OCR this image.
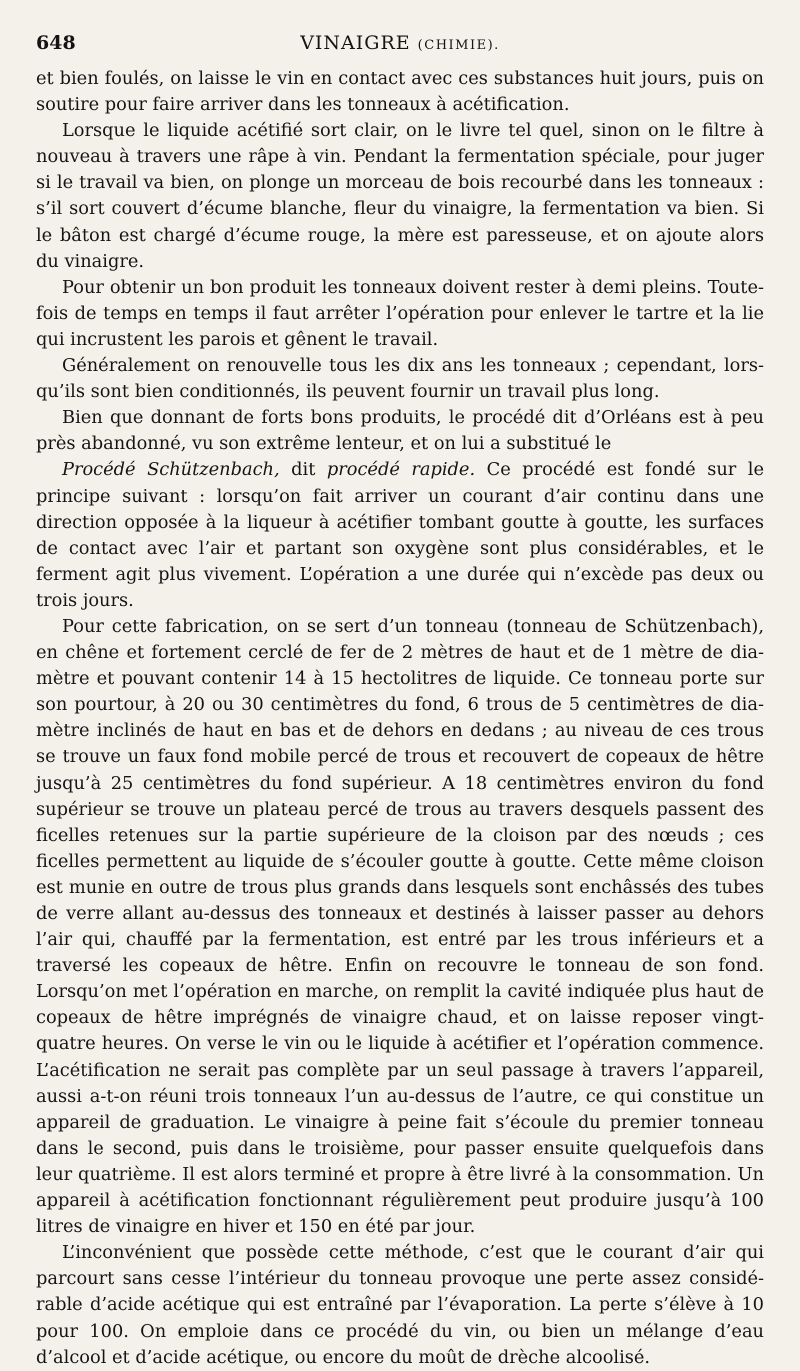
648	VINAIGRE (CHIMIE).

et bien foulés, on laisse le vin en contact avec ces substances huit jours, puis on soutire pour faire arriver dans les tonneaux à acétification.

Lorsque le liquide acétifié sort clair, on le livre tel quel, sinon on le filtre à nouveau à travers une râpe à vin. Pendant la fermentation spéciale, pour juger si le travail va bien, on plonge un morceau de bois recourbé dans les tonneaux : s’il sort couvert d’écume blanche, fleur du vinaigre, la fermentation va bien. Si le bâton est chargé d’écume rouge, la mère est paresseuse, et on ajoute alors du vinaigre.

Pour obtenir un bon produit les tonneaux doivent rester à demi pleins. Toutefois de temps en temps il faut arrêter l’opération pour enlever le tartre et la lie qui incrustent les parois et gênent le travail.

Généralement on renouvelle tous les dix ans les tonneaux ; cependant, lorsqu’ils sont bien conditionnés, ils peuvent fournir un travail plus long.

Bien que donnant de forts bons produits, le procédé dit d’Orléans est à peu près abandonné, vu son extrême lenteur, et on lui a substitué le

Procédé Schützenbach, dit procédé rapide. Ce procédé est fondé sur le principe suivant : lorsqu’on fait arriver un courant d’air continu dans une direction opposée à la liqueur à acétifier tombant goutte à goutte, les surfaces de contact avec l’air et partant son oxygène sont plus considérables, et le ferment agit plus vivement. L’opération a une durée qui n’excède pas deux ou trois jours.

Pour cette fabrication, on se sert d’un tonneau (tonneau de Schützenbach), en chêne et fortement cerclé de fer de 2 mètres de haut et de 1 mètre de diamètre et pouvant contenir 14 à 15 hectolitres de liquide. Ce tonneau porte sur son pourtour, à 20 ou 30 centimètres du fond, 6 trous de 5 centimètres de diamètre inclinés de haut en bas et de dehors en dedans ; au niveau de ces trous se trouve un faux fond mobile percé de trous et recouvert de copeaux de hêtre jusqu’à 25 centimètres du fond supérieur. A 18 centimètres environ du fond supérieur se trouve un plateau percé de trous au travers desquels passent des ficelles retenues sur la partie supérieure de la cloison par des nœuds ; ces ficelles permettent au liquide de s’écouler goutte à goutte. Cette même cloison est munie en outre de trous plus grands dans lesquels sont enchâssés des tubes de verre allant au-dessus des tonneaux et destinés à laisser passer au dehors l’air qui, chauffé par la fermentation, est entré par les trous inférieurs et a traversé les copeaux de hêtre. Enfin on recouvre le tonneau de son fond. Lorsqu’on met l’opération en marche, on remplit la cavité indiquée plus haut de copeaux de hêtre imprégnés de vinaigre chaud, et on laisse reposer vingt-quatre heures. On verse le vin ou le liquide à acétifier et l’opération commence. L’acétification ne serait pas complète par un seul passage à travers l’appareil, aussi a-t-on réuni trois tonneaux l’un au-dessus de l’autre, ce qui constitue un appareil de graduation. Le vinaigre à peine fait s’écoule du premier tonneau dans le second, puis dans le troisième, pour passer ensuite quelquefois dans leur quatrième. Il est alors terminé et propre à être livré à la consommation. Un appareil à acétification fonctionnant régulièrement peut produire jusqu’à 100 litres de vinaigre en hiver et 150 en été par jour.

L’inconvénient que possède cette méthode, c’est que le courant d’air qui parcourt sans cesse l’intérieur du tonneau provoque une perte assez considérable d’acide acétique qui est entraîné par l’évaporation. La perte s’élève à 10 pour 100. On emploie dans ce procédé du vin, ou bien un mélange d’eau d’alcool et d’acide acétique, ou encore du moût de drèche alcoolisé.
